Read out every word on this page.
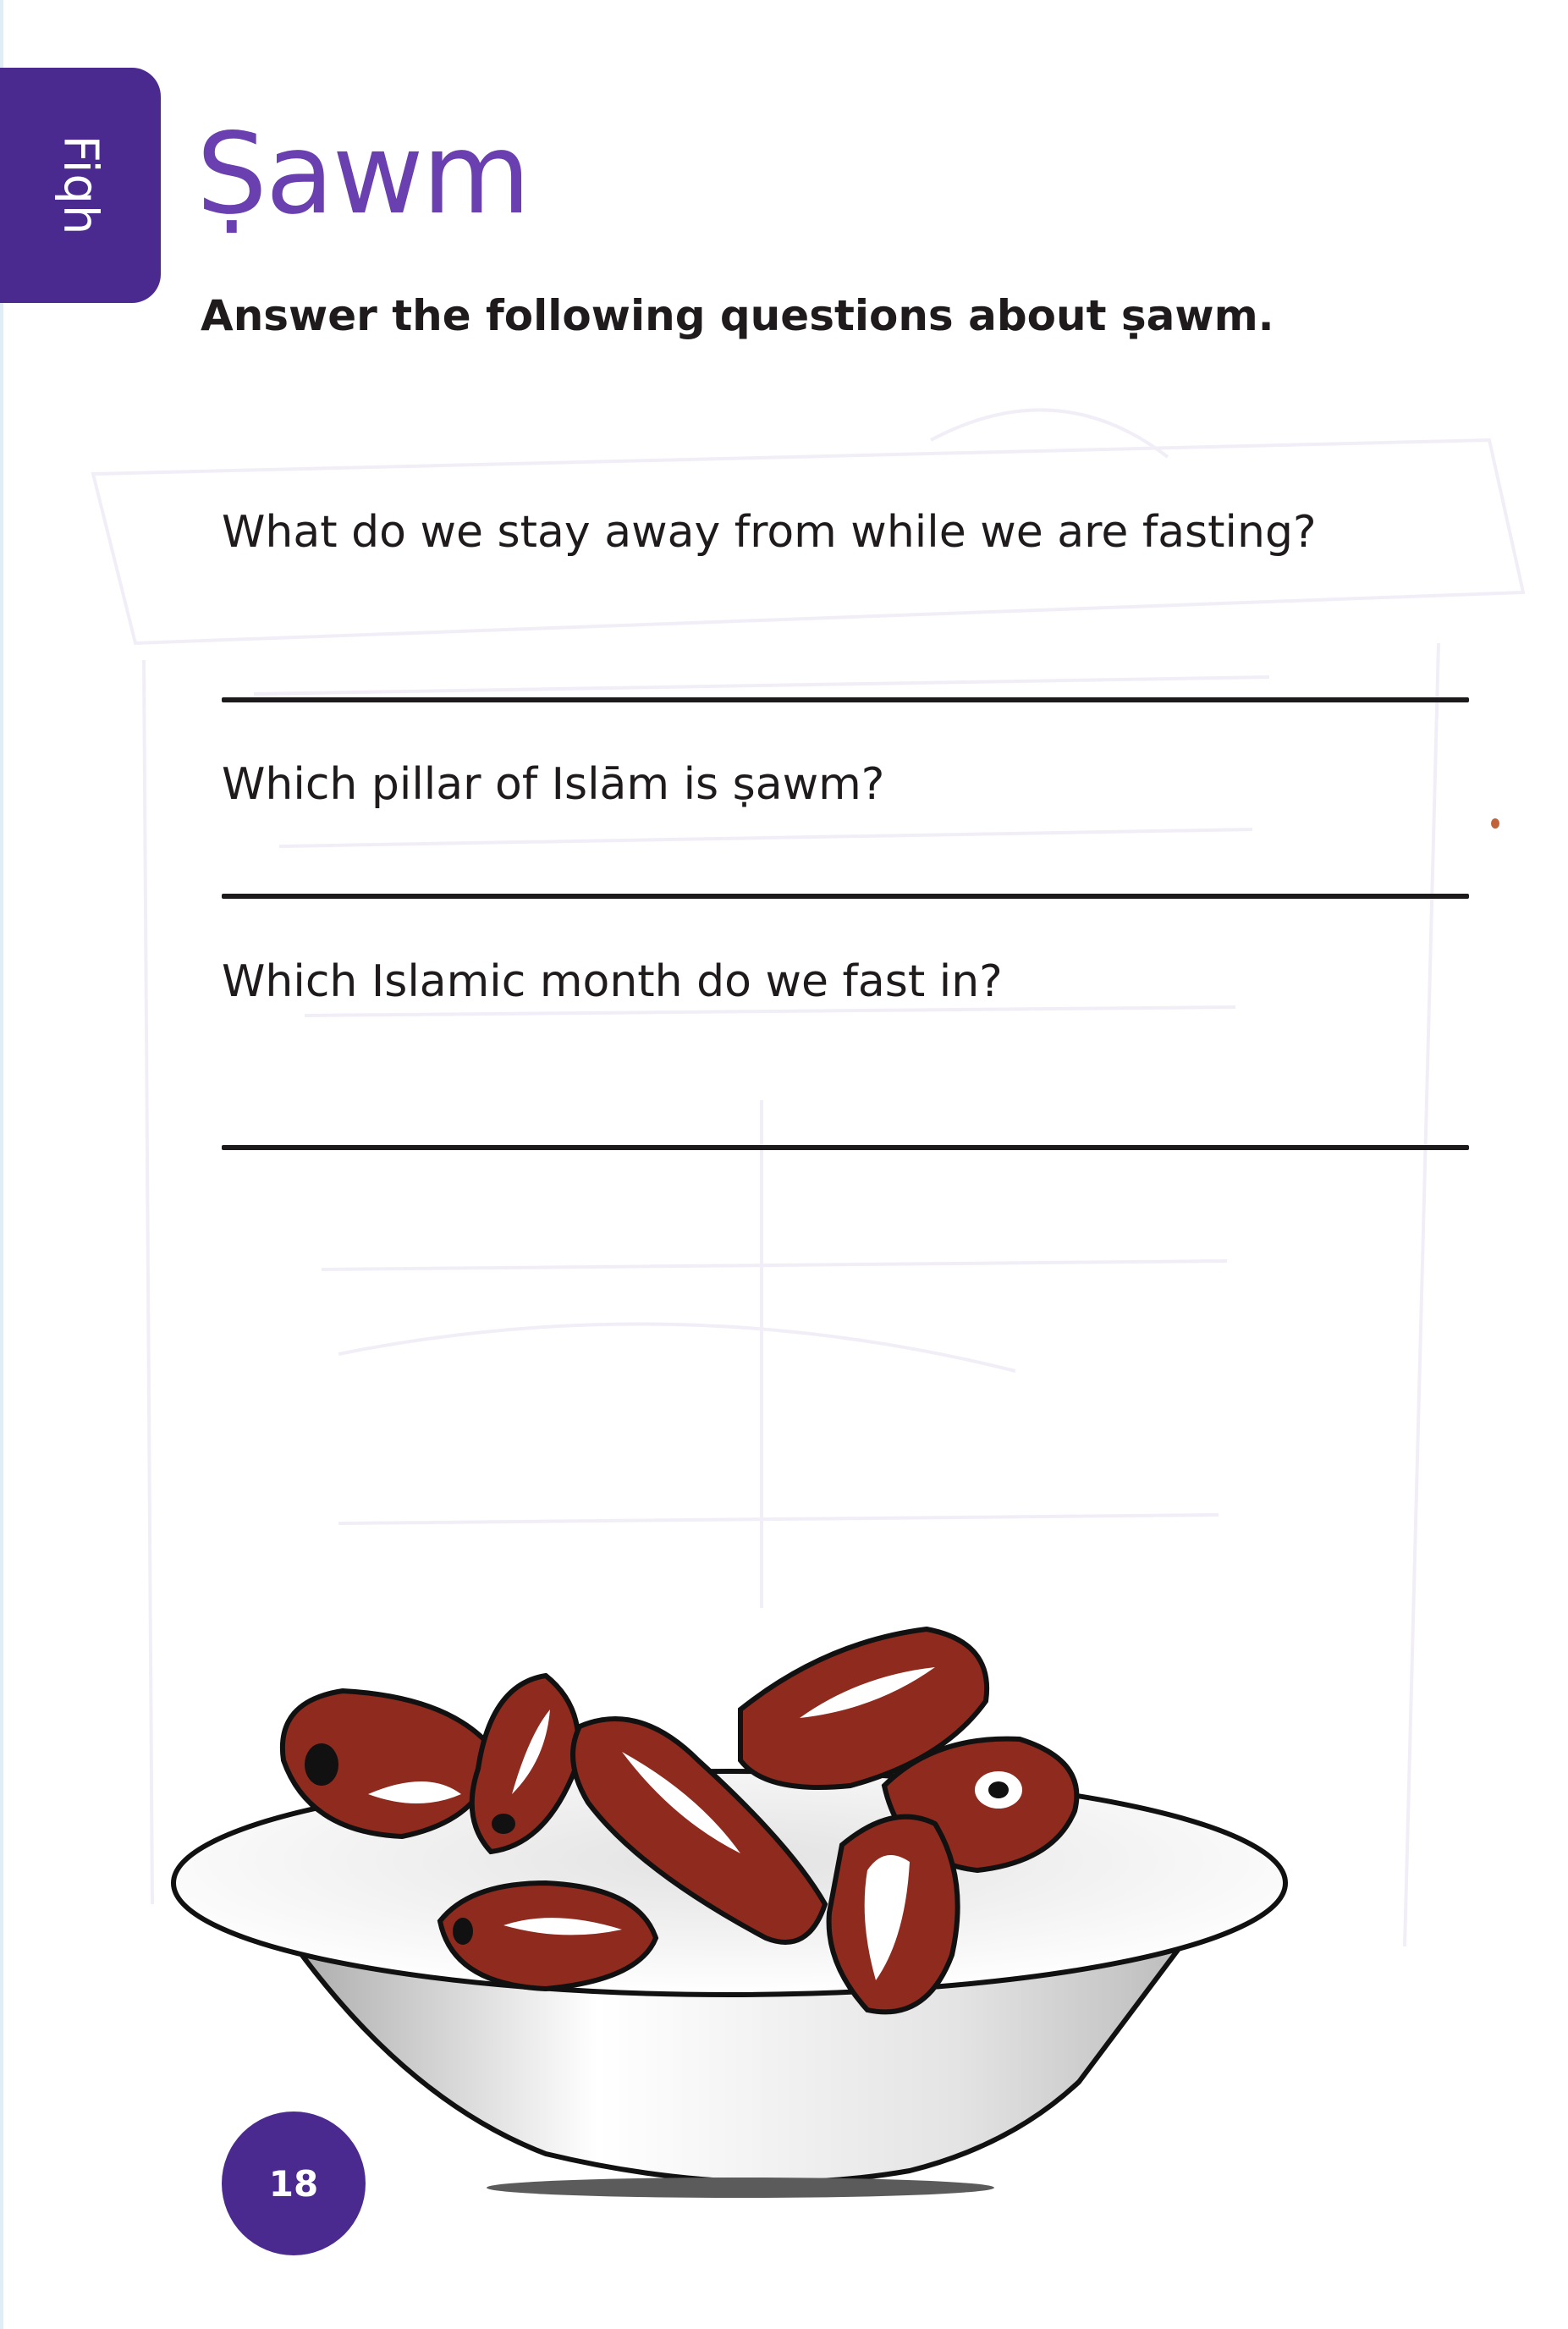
Fiqh Ṣawm

Answer the following questions about ṣawm.

What do we stay away from while we are fasting?

Which pillar of Islām is ṣawm?

Which Islamic month do we fast in?

18
